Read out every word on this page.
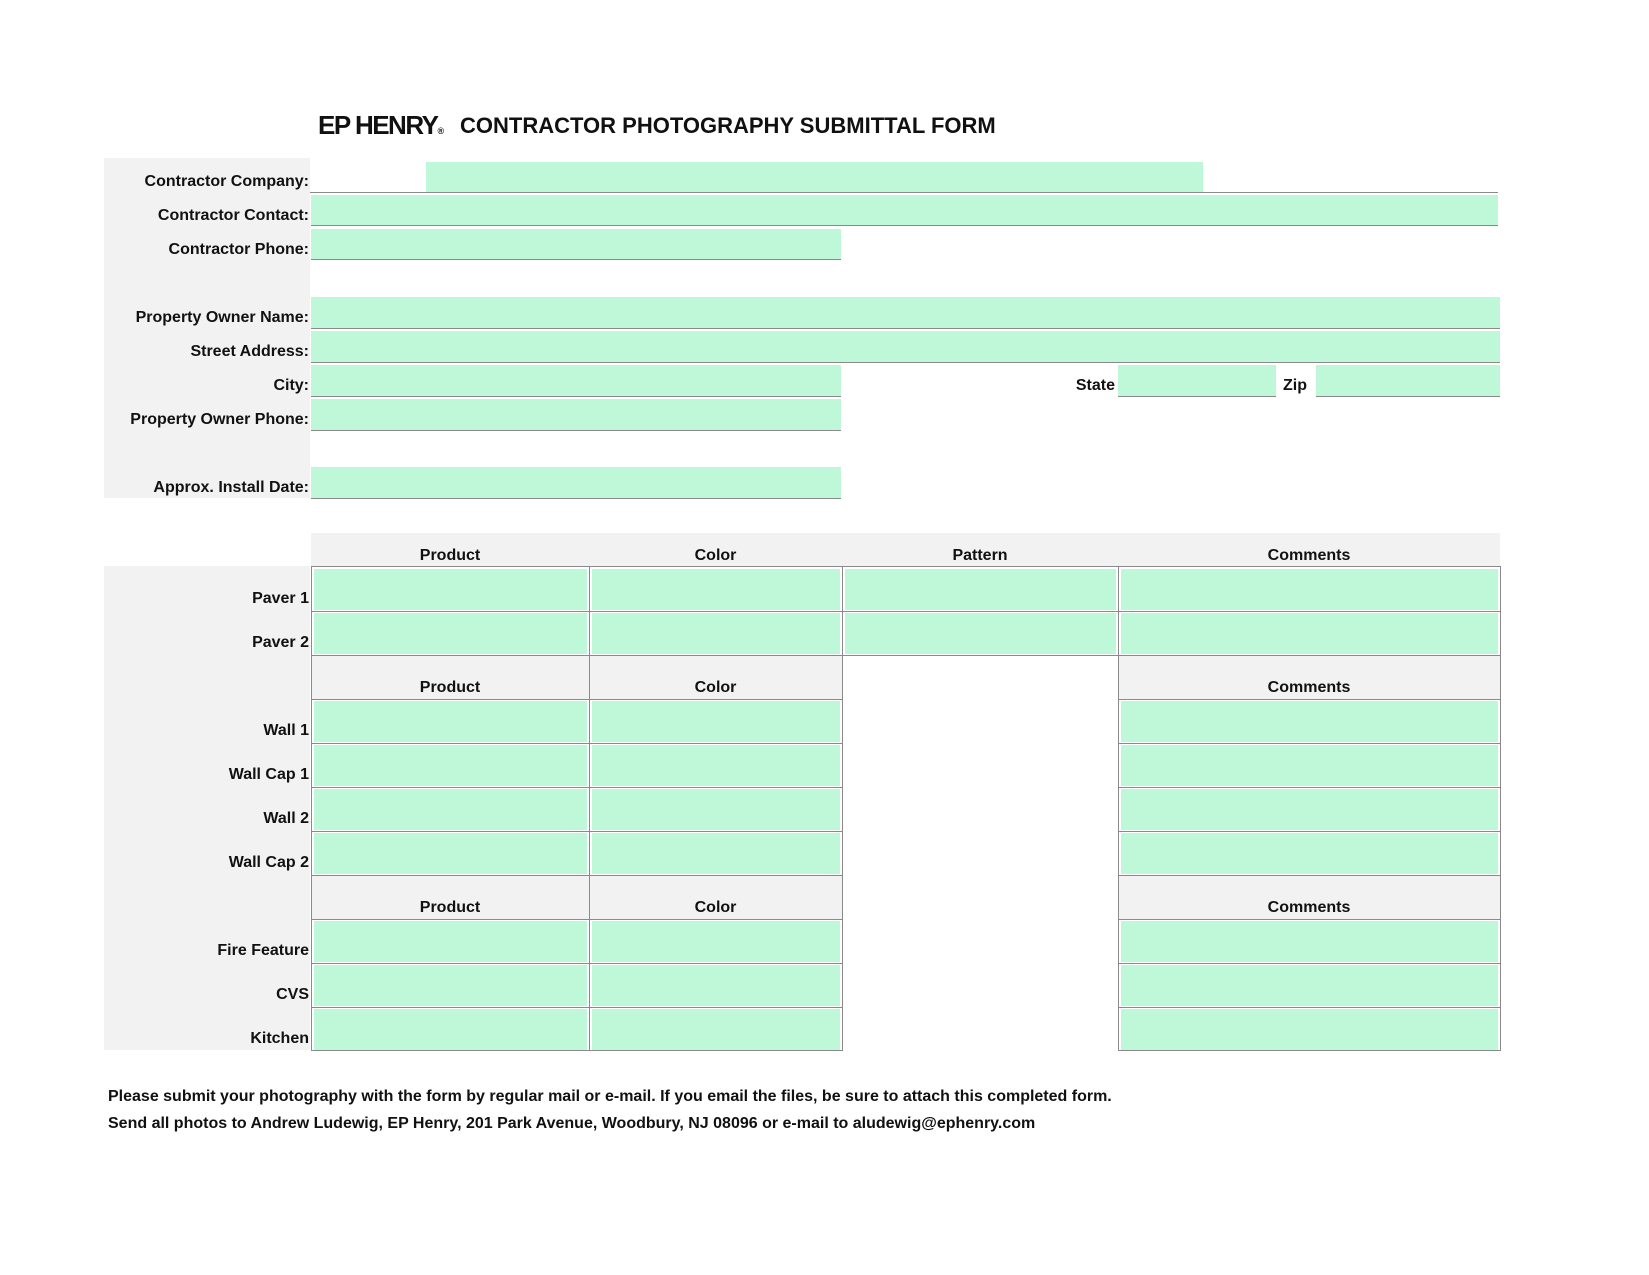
EP HENRY® CONTRACTOR PHOTOGRAPHY SUBMITTAL FORM
Contractor Company:
Contractor Contact:
Contractor Phone:
Property Owner Name:
Street Address:
City:	State	Zip
Property Owner Phone:
Approx. Install Date:
Product	Color	Pattern	Comments
Paver 1
Paver 2
Product	Color	Comments
Wall 1
Wall Cap 1
Wall 2
Wall Cap 2
Product	Color	Comments
Fire Feature
CVS
Kitchen
Please submit your photography with the form by regular mail or e-mail. If you email the files, be sure to attach this completed form.
Send all photos to Andrew Ludewig, EP Henry, 201 Park Avenue, Woodbury, NJ 08096 or e-mail to aludewig@ephenry.com
